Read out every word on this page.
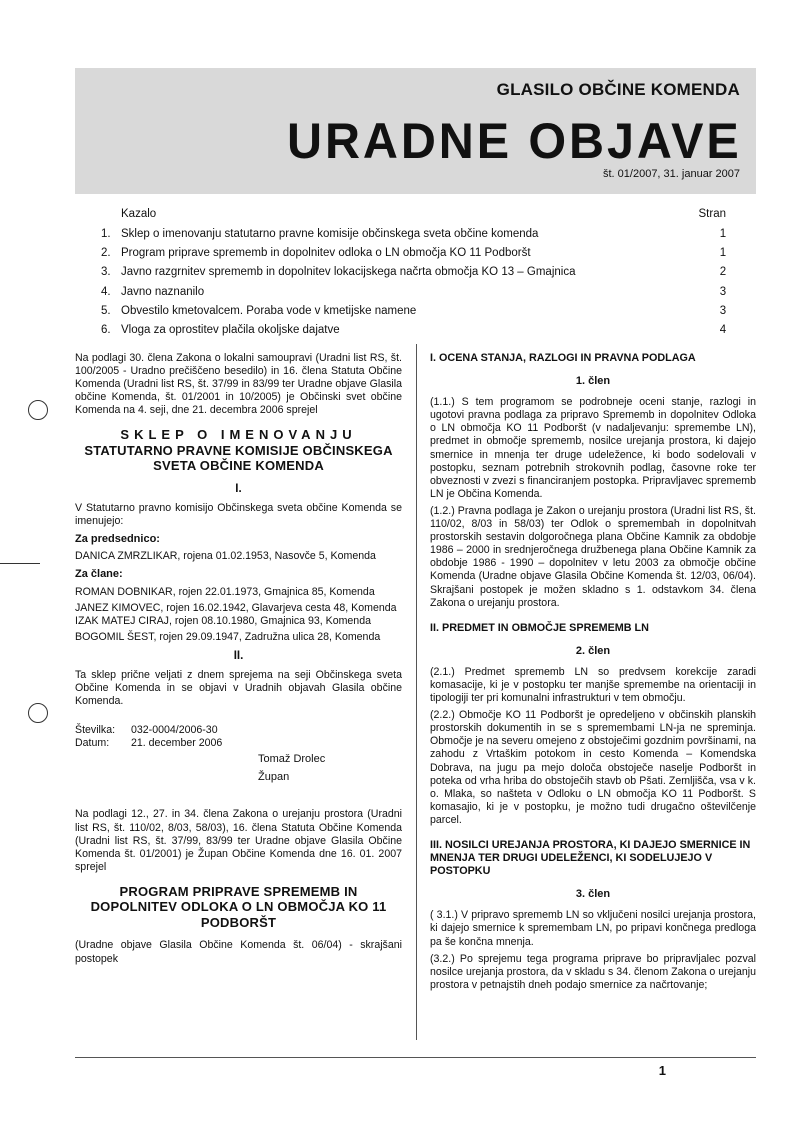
GLASILO OBČINE KOMENDA
URADNE OBJAVE
št. 01/2007, 31. januar 2007
Kazalo	Stran
1. Sklep o imenovanju statutarno pravne komisije občinskega sveta občine komenda	1
2. Program priprave sprememb in dopolnitev odloka o LN območja KO 11 Podboršt	1
3. Javno razgrnitev sprememb in dopolnitev lokacijskega načrta območja KO 13 – Gmajnica	2
4. Javno naznanilo	3
5. Obvestilo kmetovalcem. Poraba vode v kmetijske namene	3
6. Vloga za oprostitev plačila okoljske dajatve	4

Na podlagi 30. člena Zakona o lokalni samoupravi (Uradni list RS, št. 100/2005 - Uradno prečiščeno besedilo) in 16. člena Statuta Občine Komenda (Uradni list RS, št. 37/99 in 83/99 ter Uradne objave Glasila občine Komenda, št. 01/2001 in 10/2005) je Občinski svet občine Komenda na 4. seji, dne 21. decembra 2006 sprejel

SKLEP O IMENOVANJU
STATUTARNO PRAVNE KOMISIJE OBČINSKEGA SVETA OBČINE KOMENDA
I.

V Statutarno pravno komisijo Občinskega sveta občine Komenda se imenujejo:

Za predsednico:

DANICA ZMRZLIKAR, rojena 01.02.1953, Nasovče 5, Komenda

Za člane:

ROMAN DOBNIKAR, rojen 22.01.1973, Gmajnica 85, Komenda

JANEZ KIMOVEC, rojen 16.02.1942, Glavarjeva cesta 48, Komenda

IZAK MATEJ CIRAJ, rojen 08.10.1980, Gmajnica 93, Komenda

BOGOMIL ŠEST, rojen 29.09.1947, Zadružna ulica 28, Komenda

II.

Ta sklep prične veljati z dnem sprejema na seji Občinskega sveta Občine Komenda in se objavi v Uradnih objavah Glasila občine Komenda.

Številka:	032-0004/2006-30
Datum:	21. december 2006
Tomaž Drolec
Župan

Na podlagi 12., 27. in 34. člena Zakona o urejanju prostora (Uradni list RS, št. 110/02, 8/03, 58/03), 16. člena Statuta Občine Komenda (Uradni list RS, št. 37/99, 83/99 ter Uradne objave Glasila Občine Komenda št. 01/2001) je Župan Občine Komenda dne 16. 01. 2007 sprejel

PROGRAM PRIPRAVE SPREMEMB IN DOPOLNITEV ODLOKA O LN OBMOČJA KO 11 PODBORŠT

(Uradne objave Glasila Občine Komenda št. 06/04) - skrajšani postopek

I. OCENA STANJA, RAZLOGI IN PRAVNA PODLAGA
1. člen

(1.1.) S tem programom se podrobneje oceni stanje, razlogi in ugotovi pravna podlaga za pripravo Sprememb in dopolnitev Odloka o LN območja KO 11 Podboršt (v nadaljevanju: spremembe LN), predmet in območje sprememb, nosilce urejanja prostora, ki dajejo smernice in mnenja ter druge udeležence, ki bodo sodelovali v postopku, seznam potrebnih strokovnih podlag, časovne roke ter obveznosti v zvezi s financiranjem postopka. Pripravljavec sprememb LN je Občina Komenda.

(1.2.) Pravna podlaga je Zakon o urejanju prostora (Uradni list RS, št. 110/02, 8/03 in 58/03) ter Odlok o spremembah in dopolnitvah prostorskih sestavin dolgoročnega plana Občine Kamnik za obdobje 1986 – 2000 in srednjeročnega družbenega plana Občine Kamnik za obdobje 1986 - 1990 – dopolnitev v letu 2003 za območje občine Komenda (Uradne objave Glasila Občine Komenda št. 12/03, 06/04). Skrajšani postopek je možen skladno s 1. odstavkom 34. člena Zakona o urejanju prostora.

II. PREDMET IN OBMOČJE SPREMEMB LN
2. člen

(2.1.) Predmet sprememb LN so predvsem korekcije zaradi komasacije, ki je v postopku ter manjše spremembe na orientaciji in tipologiji ter pri komunalni infrastrukturi v tem območju.

(2.2.) Območje KO 11 Podboršt je opredeljeno v občinskih planskih prostorskih dokumentih in se s spremembami LN-ja ne spreminja. Območje je na severu omejeno z obstoječimi gozdnim površinami, na zahodu z Vrtaškim potokom in cesto Komenda – Komendska Dobrava, na jugu pa mejo določa obstoječe naselje Podboršt in poteka od vrha hriba do obstoječih stavb ob Pšati. Zemljišča, vsa v k. o. Mlaka, so našteta v Odloku o LN območja KO 11 Podboršt. S komasajio, ki je v postopku, je možno tudi drugačno oštevilčenje parcel.

III. NOSILCI UREJANJA PROSTORA, KI DAJEJO SMERNICE IN MNENJA TER DRUGI UDELEŽENCI, KI SODELUJEJO V POSTOPKU
3. člen

( 3.1.) V pripravo sprememb LN so vključeni nosilci urejanja prostora, ki dajejo smernice k spremembam LN, po pripavi končnega predloga pa še končna mnenja.

(3.2.) Po sprejemu tega programa priprave bo pripravljalec pozval nosilce urejanja prostora, da v skladu s 34. členom Zakona o urejanju prostora v petnajstih dneh podajo smernice za načrtovanje;

1
